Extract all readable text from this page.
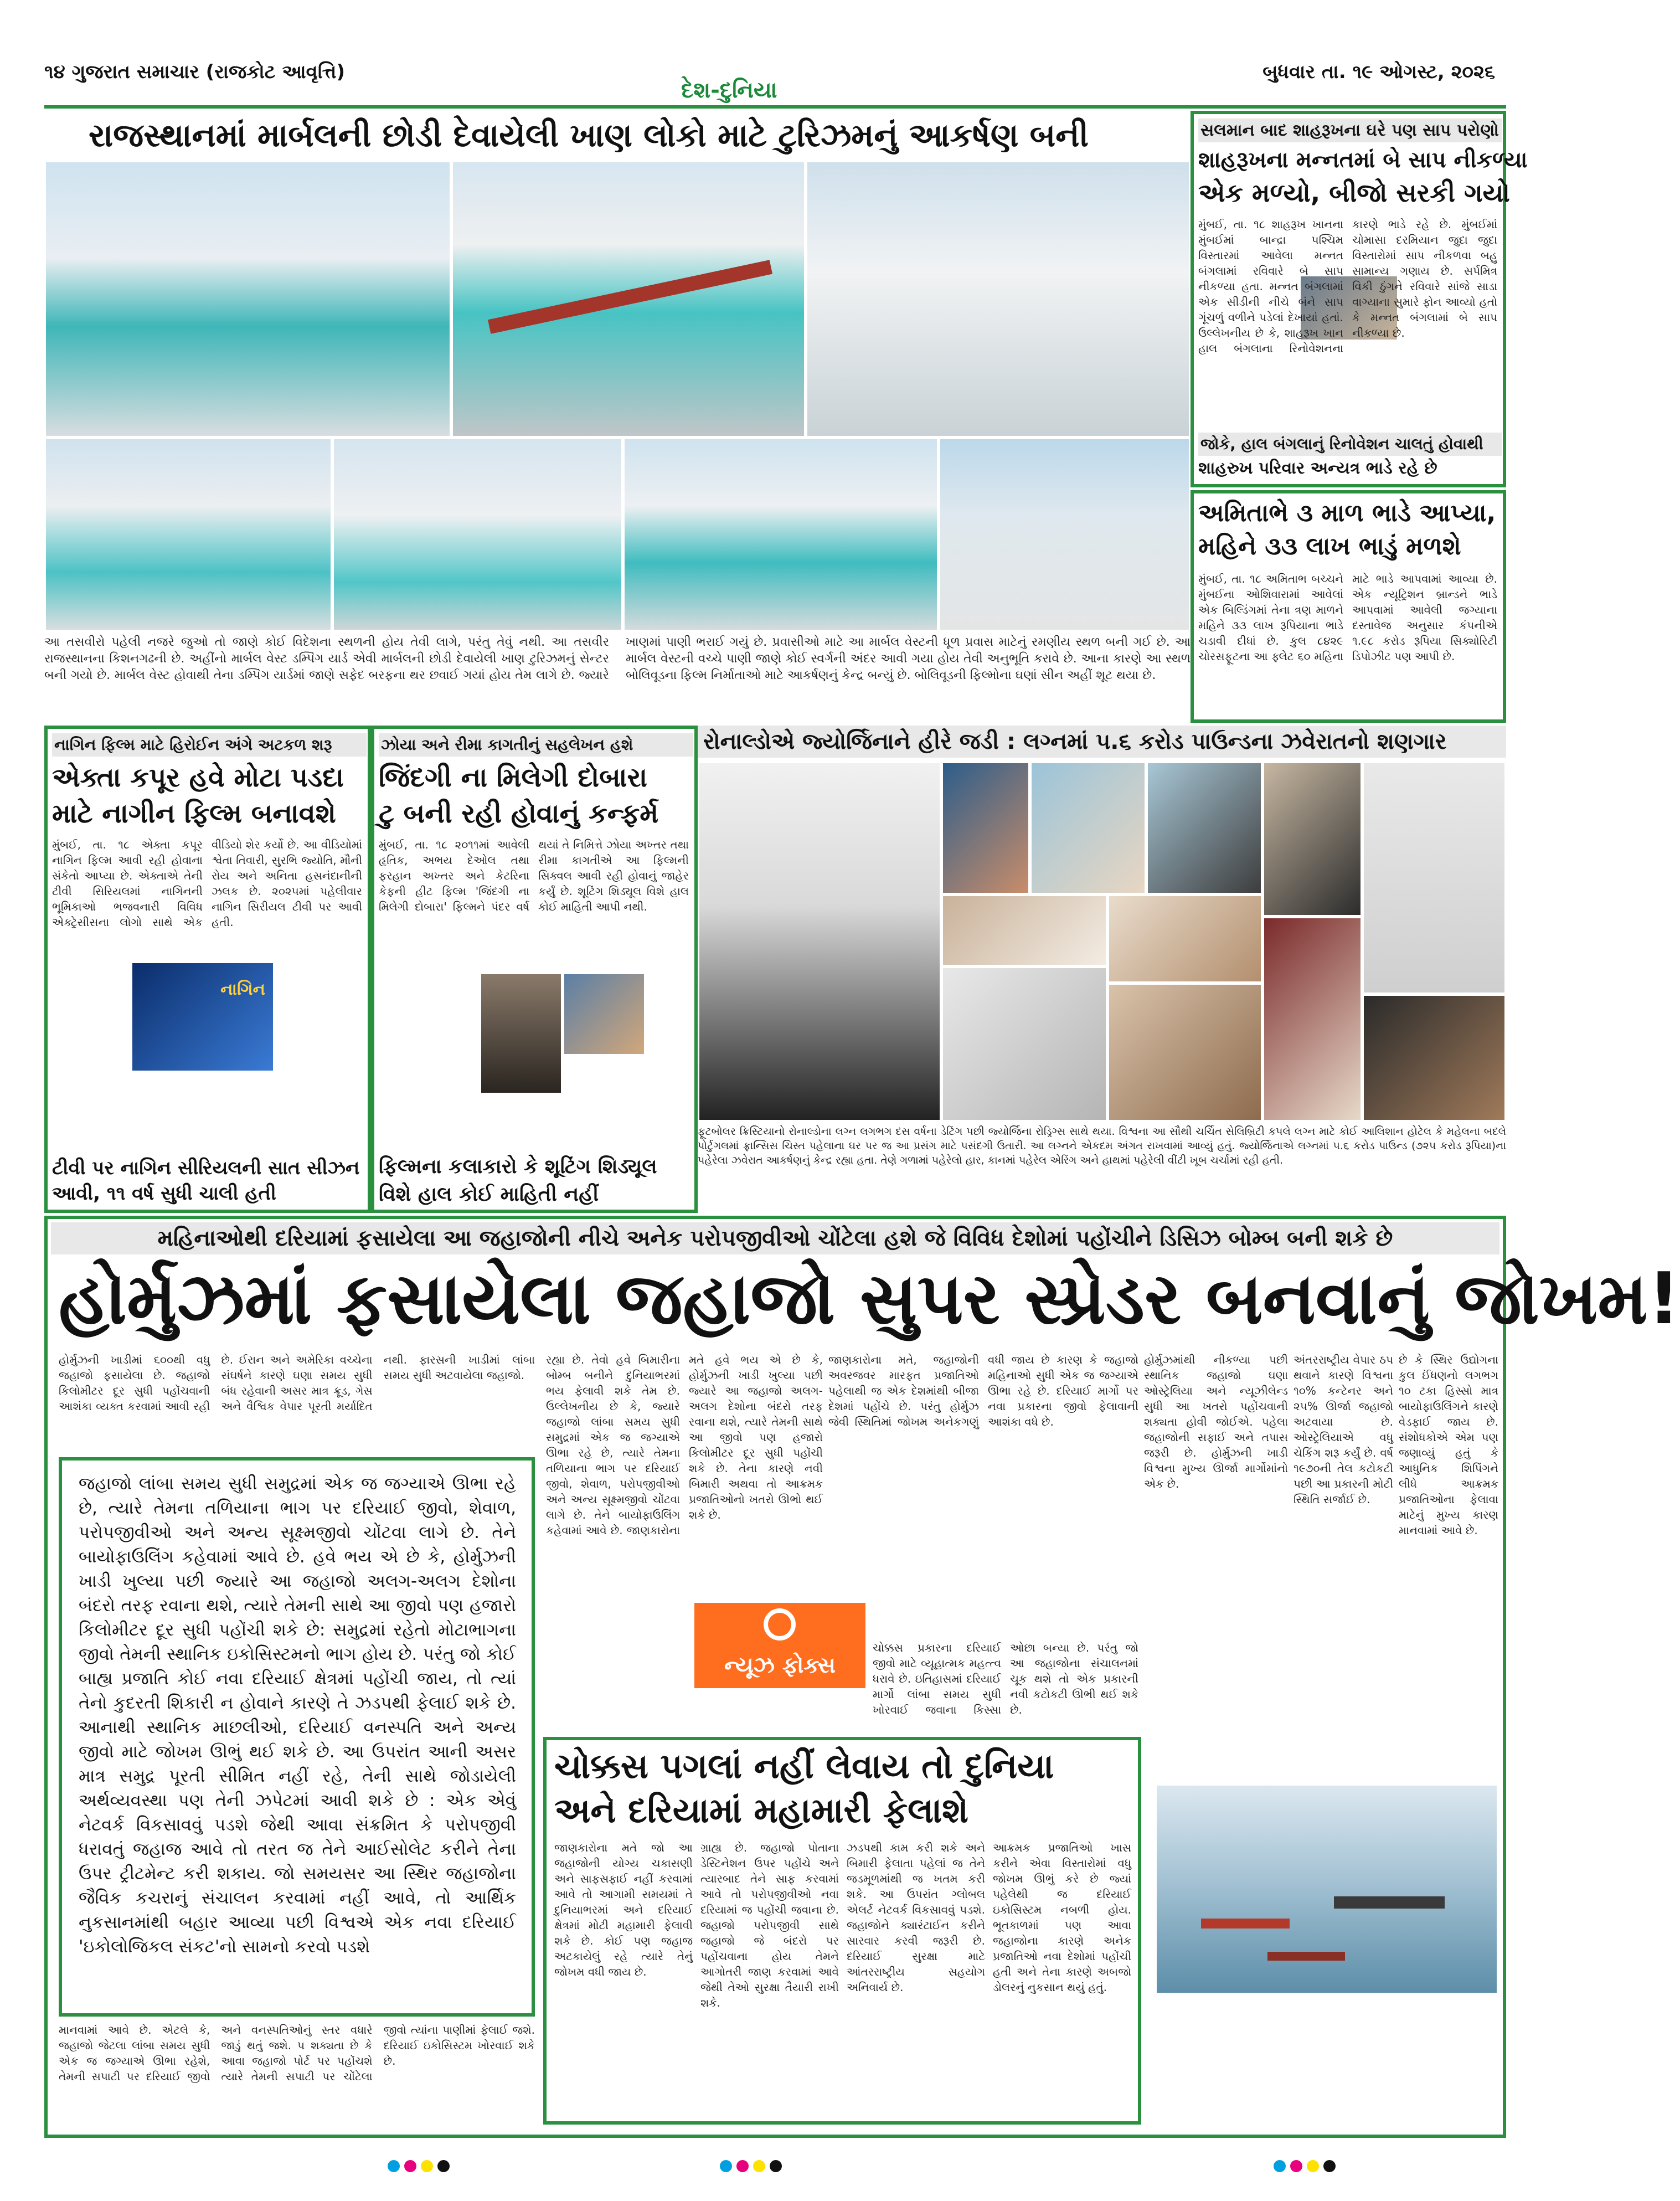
૧૪ ગુજરાત સમાચાર (રાજકોટ આવૃત્તિ)
દેશ-દુનિયા
બુધવાર તા. ૧૯ ઓગસ્ટ, ૨૦૨૬
રાજસ્થાનમાં માર્બલની છોડી દેવાયેલી ખાણ લોકો માટે ટુરિઝમનું આકર્ષણ બની
આ તસવીરો પહેલી નજરે જુઓ તો જાણે કોઈ વિદેશના સ્થળની હોય તેવી લાગે, પરંતુ તેવું નથી. આ તસવીર રાજસ્થાનના કિશનગઢની છે. અહીંનો માર્બલ વેસ્ટ ડમ્પિંગ યાર્ડ એવી માર્બલની છોડી દેવાયેલી ખાણ ટુરિઝમનું સેન્ટર બની ગયો છે. માર્બલ વેસ્ટ હોવાથી તેના ડમ્પિંગ યાર્ડમાં જાણે સફેદ બરફના થર છવાઈ ગયાં હોય તેમ લાગે છે. જ્યારે ખાણમાં પાણી ભરાઈ ગયું છે. પ્રવાસીઓ માટે આ માર્બલ વેસ્ટની ધૂળ પ્રવાસ માટેનું રમણીય સ્થળ બની ગઈ છે. આ માર્બલ વેસ્ટની વચ્ચે પાણી જાણે કોઈ સ્વર્ગની અંદર આવી ગયા હોય તેવી અનુભૂતિ કરાવે છે. આના કારણે આ સ્થળ બોલિવૂડના ફિલ્મ નિર્માતાઓ માટે આકર્ષણનું કેન્દ્ર બન્યું છે. બોલિવૂડની ફિલ્મોના ઘણાં સીન અહીં શૂટ થયા છે.
સલમાન બાદ શાહરૂખના ઘરે પણ સાપ પરોણો
શાહરૂખના મન્નતમાં બે સાપ નીકળ્યા
એક મળ્યો, બીજો સરકી ગયો
મુંબઈ, તા. ૧૮ શાહરૂખ ખાનના મુંબઈમાં બાન્દ્રા પશ્ચિમ વિસ્તારમાં આવેલા મન્નત બંગલામાં રવિવારે બે સાપ નીકળ્યા હતા. મન્નત બંગલામાં એક સીડીની નીચે બંને સાપ ગૂંચળું વળીને પડેલાં દેખાયાં હતાં. ઉલ્લેખનીય છે કે, શાહરૂખ ખાન હાલ બંગલાના રિનોવેશનના કારણે ભાડે રહે છે. મુંબઈમાં ચોમાસા દરમિયાન જુદા જુદા વિસ્તારોમાં સાપ નીકળવા બહુ સામાન્ય ગણાય છે. સર્પમિત્ર વિકી ઠુંગને રવિવારે સાંજે સાડા વાગ્યાના સુમારે ફોન આવ્યો હતો કે મન્નત બંગલામાં બે સાપ નીકળ્યા છે.
જોકે, હાલ બંગલાનું રિનોવેશન ચાલતું હોવાથી
શાહરુખ પરિવાર અન્યત્ર ભાડે રહે છે
અમિતાભે ૩ માળ ભાડે આપ્યા,
મહિને ૩૩ લાખ ભાડું મળશે
મુંબઈ, તા. ૧૮ અમિતાભ બચ્ચને મુંબઈના ઓશિવારામાં આવેલાં એક બિલ્ડિંગમાં તેના ત્રણ માળને મહિને ૩૩ લાખ રૂપિયાના ભાડે ચડાવી દીધાં છે. કુલ ૮૪૨૯ ચોરસફૂટના આ ફ્લેટ ૬૦ મહિના માટે ભાડે આપવામાં આવ્યા છે. એક ન્યૂટ્રિશન બ્રાન્ડને ભાડે આપવામાં આવેલી જગ્યાના દસ્તાવેજ અનુસાર કંપનીએ ૧.૯૮ કરોડ રૂપિયા સિક્યોરિટી ડિપોઝીટ પણ આપી છે.
નાગિન ફિલ્મ માટે હિરોઈન અંગે અટકળ શરૂ
એક્તા કપૂર હવે મોટા પડદા
માટે નાગીન ફિલ્મ બનાવશે
નાગિન
મુંબઈ, તા. ૧૮ એક્તા કપૂર નાગિન ફિલ્મ આવી રહી હોવાના સંકેતો આપ્યા છે. એક્તાએ તેની ટીવી સિરિયલમાં નાગિનની ભૂમિકાઓ ભજવનારી વિવિધ એક્ટ્રેસીસના લોગો સાથે એક વીડિયો શેર કર્યો છે. આ વીડિયોમાં શ્વેતા તિવારી, સુરભિ જ્યોતિ, મૌની રોય અને અનિતા હસનંદાનીની ઝલક છે. ૨૦૨૫માં પહેલીવાર નાગિન સિરીયલ ટીવી પર આવી હતી.
ટીવી પર નાગિન સીરિયલની સાત સીઝન આવી, ૧૧ વર્ષ સુધી ચાલી હતી
ઝોયા અને રીમા કાગતીનું સહલેખન હશે
જિંદગી ના મિલેગી દોબારા
ટુ બની રહી હોવાનું કન્ફર્મ
મુંબઈ, તા. ૧૮ ૨૦૧૧માં આવેલી હૃતિક, અભય દેઓલ તથા ફરહાન અખ્તર અને કેટરિના કેફની હીટ ફિલ્મ 'જિંદગી ના મિલેગી દોબારા' ફિલ્મને પંદર વર્ષ થયાં તે નિમિત્તે ઝોયા અખ્તર તથા રીમા કાગતીએ આ ફિલ્મની સિક્વલ આવી રહી હોવાનું જાહેર કર્યું છે. શૂટિંગ શિડ્યૂલ વિશે હાલ કોઈ માહિતી આપી નથી.
ફિલ્મના કલાકારો કે શૂટિંગ શિડ્યૂલ
વિશે હાલ કોઈ માહિતી નહીં
રોનાલ્ડોએ જ્યોર્જિનાને હીરે જડી : લગ્નમાં ૫.૬ કરોડ પાઉન્ડના ઝવેરાતનો શણગાર
ફૂટબોલર ક્રિસ્ટિયાનો રોનાલ્ડોના લગ્ન લગભગ દસ વર્ષના ડેટિંગ પછી જ્યોર્જિના રોડ્રિગ્સ સાથે થયા. વિશ્વના આ સૌથી ચર્ચિત સેલિબ્રિટી કપલે લગ્ન માટે કોઈ આલિશાન હોટેલ કે મહેલના બદલે પોર્ટુગલમાં ફ્રાન્સિસ ચિસ્ત પહેલાના ઘર પર જ આ પ્રસંગ માટે પસંદગી ઉતારી. આ લગ્નને એકદમ અંગત રાખવામાં આવ્યું હતું. જ્યોર્જિનાએ લગ્નમાં ૫.૬ કરોડ પાઉન્ડ (૭૨૫ કરોડ રૂપિયા)ના પહેરેલા ઝવેરાત આકર્ષણનું કેન્દ્ર રહ્યા હતા. તેણે ગળામાં પહેરેલો હાર, કાનમાં પહેરેલ એરિંગ અને હાથમાં પહેરેલી વીંટી ખૂબ ચર્ચામાં રહી હતી.
મહિનાઓથી દરિયામાં ફસાયેલા આ જહાજોની નીચે અનેક પરોપજીવીઓ ચોંટેલા હશે જે વિવિધ દેશોમાં પહોંચીને ડિસિઝ બોમ્બ બની શકે છે
હોર્મુઝમાં ફસાયેલા જહાજો સુપર સ્પ્રેડર બનવાનું જોખમ!
હોર્મુઝની ખાડીમાં ૬૦૦થી વધુ જહાજો ફસાયેલા છે. જહાજો કિલોમીટર દૂર સુધી પહોંચવાની આશંકા વ્યક્ત કરવામાં આવી રહી છે. ઈરાન અને અમેરિકા વચ્ચેના સંઘર્ષને કારણે ઘણા સમય સુધી બંધ રહેવાની અસર માત્ર ક્રૂડ, ગેસ અને વૈશ્વિક વેપાર પૂરતી મર્યાદિત નથી. ફારસની ખાડીમાં લાંબા સમય સુધી અટવાયેલા જહાજો.
જહાજો લાંબા સમય સુધી સમુદ્રમાં એક જ જગ્યાએ ઊભા રહે છે, ત્યારે તેમના તળિયાના ભાગ પર દરિયાઈ જીવો, શેવાળ, પરોપજીવીઓ અને અન્ય સૂક્ષ્મજીવો ચોંટવા લાગે છે. તેને બાયોફાઉલિંગ કહેવામાં આવે છે. હવે ભય એ છે કે, હોર્મુઝની ખાડી ખુલ્યા પછી જ્યારે આ જહાજો અલગ-અલગ દેશોના બંદરો તરફ રવાના થશે, ત્યારે તેમની સાથે આ જીવો પણ હજારો કિલોમીટર દૂર સુધી પહોંચી શકે છે: સમુદ્રમાં રહેતો મોટાભાગના જીવો તેમની સ્થાનિક ઇકોસિસ્ટમનો ભાગ હોય છે. પરંતુ જો કોઈ બાહ્ય પ્રજાતિ કોઈ નવા દરિયાઈ ક્ષેત્રમાં પહોંચી જાય, તો ત્યાં તેનો કુદરતી શિકારી ન હોવાને કારણે તે ઝડપથી ફેલાઈ શકે છે. આનાથી સ્થાનિક માછલીઓ, દરિયાઈ વનસ્પતિ અને અન્ય જીવો માટે જોખમ ઊભું થઈ શકે છે. આ ઉપરાંત આની અસર માત્ર સમુદ્ર પૂરતી સીમિત નહીં રહે, તેની સાથે જોડાયેલી અર્થવ્યવસ્થા પણ તેની ઝપેટમાં આવી શકે છે : એક એવું નેટવર્ક વિકસાવવું પડશે જેથી આવા સંક્રમિત કે પરોપજીવી ધરાવતું જહાજ આવે તો તરત જ તેને આઈસોલેટ કરીને તેના ઉપર ટ્રીટમેન્ટ કરી શકાય. જો સમયસર આ સ્થિર જહાજોના જૈવિક કચરાનું સંચાલન કરવામાં નહીં આવે, તો આર્થિક નુકસાનમાંથી બહાર આવ્યા પછી વિશ્વએ એક નવા દરિયાઈ 'ઇકોલોજિકલ સંકટ'નો સામનો કરવો પડશે
માનવામાં આવે છે. એટલે કે, જહાજો જેટલા લાંબા સમય સુધી એક જ જગ્યાએ ઊભા રહેશે, તેમની સપાટી પર દરિયાઈ જીવો અને વનસ્પતિઓનું સ્તર વધારે જાડું થતું જશે. ૫ શક્યતા છે કે આવા જહાજો પોર્ટ પર પહોંચશે ત્યારે તેમની સપાટી પર ચોંટેલા જીવો ત્યાંના પાણીમાં ફેલાઈ જશે. દરિયાઈ ઇકોસિસ્ટમ ખોરવાઈ શકે છે.
રહ્યા છે. તેવો હવે બિમારીના બોમ્બ બનીને દુનિયાભરમાં ભય ફેલાવી શકે તેમ છે. ઉલ્લેખનીય છે કે, જ્યારે જહાજો લાંબા સમય સુધી સમુદ્રમાં એક જ જગ્યાએ ઊભા રહે છે, ત્યારે તેમના તળિયાના ભાગ પર દરિયાઈ જીવો, શેવાળ, પરોપજીવીઓ અને અન્ય સૂક્ષ્મજીવો ચોંટવા લાગે છે. તેને બાયોફાઉલિંગ કહેવામાં આવે છે. જાણકારોના મતે હવે ભય એ છે કે, હોર્મુઝની ખાડી ખુલ્યા પછી જ્યારે આ જહાજો અલગ-અલગ દેશોના બંદરો તરફ રવાના થશે, ત્યારે તેમની સાથે આ જીવો પણ હજારો કિલોમીટર દૂર સુધી પહોંચી શકે છે. તેના કારણે નવી બિમારી અથવા તો આક્રમક પ્રજાતિઓનો ખતરો ઊભો થઈ શકે છે.
જાણકારોના મતે, જહાજોની અવરજવર મારફત પ્રજાતિઓ પહેલાથી જ એક દેશમાંથી બીજા દેશમાં પહોંચે છે. પરંતુ હોર્મુઝ જેવી સ્થિતિમાં જોખમ અનેકગણું વધી જાય છે કારણ કે જહાજો મહિનાઓ સુધી એક જ જગ્યાએ ઊભા રહે છે. દરિયાઈ માર્ગો પર નવા પ્રકારના જીવો ફેલાવાની આશંકા વધે છે.
ન્યૂઝ ફોક્સ
ચોક્કસ પ્રકારના દરિયાઈ જીવો માટે વ્યૂહાત્મક મહત્ત્વ ધરાવે છે. ઇતિહાસમાં દરિયાઈ માર્ગો લાંબા સમય સુધી ખોરવાઈ જવાના કિસ્સા ઓછા બન્યા છે. પરંતુ જો આ જહાજોના સંચાલનમાં ચૂક થશે તો એક પ્રકારની નવી કટોકટી ઊભી થઈ શકે છે.
હોર્મુઝમાંથી નીકળ્યા પછી સ્થાનિક જહાજો ઘણા ઓસ્ટ્રેલિયા અને ન્યૂઝીલેન્ડ સુધી આ ખતરો પહોંચવાની શક્યતા હોવી જોઈએ. પહેલા જહાજોની સફાઈ અને તપાસ જરૂરી છે. હોર્મુઝની ખાડી વિશ્વના મુખ્ય ઊર્જા માર્ગોમાંનો એક છે.
અંતરરાષ્ટ્રીય વેપાર ઠપ થવાને કારણે વિશ્વના ૧૦% કન્ટેનર અને ૨૫% ઊર્જા જહાજો અટવાયા છે. ઓસ્ટ્રેલિયાએ વધુ ચેકિંગ શરૂ કર્યું છે. વર્ષ ૧૯૭૦ની તેલ કટોકટી પછી આ પ્રકારની મોટી સ્થિતિ સર્જાઈ છે.
છે કે સ્થિર ઉદ્યોગના કુલ ઈંધણનો લગભગ ૧૦ ટકા હિસ્સો માત્ર બાયોફાઉલિંગને કારણે વેડફાઈ જાય છે. સંશોધકોએ એમ પણ જણાવ્યું હતું કે આધુનિક શિપિંગને લીધે આક્રમક પ્રજાતિઓના ફેલાવા માટેનું મુખ્ય કારણ માનવામાં આવે છે.
ચોક્કસ પગલાં નહીં લેવાય તો દુનિયા
અને દરિયામાં મહામારી ફેલાશે
જાણકારોના મતે જો આ જહાજોની યોગ્ય ચકાસણી અને સાફસફાઈ નહીં કરવામાં આવે તો આગામી સમયમાં તે દુનિયાભરમાં અને દરિયાઈ ક્ષેત્રમાં મોટી મહામારી ફેલાવી શકે છે. કોઈ પણ જહાજ અટકાયેલું રહે ત્યારે તેનું જોખમ વધી જાય છે.
ગ્રાહ્ય છે. જહાજો પોતાના ડેસ્ટિનેશન ઉપર પહોંચે અને ત્યારબાદ તેને સાફ કરવામાં આવે તો પરોપજીવીઓ નવા દરિયામાં જ પહોંચી જવાના છે. જહાજો પરોપજીવી સાથે જહાજો જે બંદરો પર પહોંચવાના હોય તેમને આગોતરી જાણ કરવામાં આવે જેથી તેઓ સુરક્ષા તૈયારી રાખી શકે.
ઝડપથી કામ કરી શકે અને બિમારી ફેલાતા પહેલાં જ તેને જડમૂળમાંથી જ ખતમ કરી શકે. આ ઉપરાંત ગ્લોબલ એલર્ટ નેટવર્ક વિકસાવવું પડશે. જહાજોને ક્યારંટાઈન કરીને સારવાર કરવી જરૂરી છે. દરિયાઈ સુરક્ષા માટે આંતરરાષ્ટ્રીય સહયોગ અનિવાર્ય છે.
આક્રમક પ્રજાતિઓ ખાસ કરીને એવા વિસ્તારોમાં વધુ જોખમ ઊભું કરે છે જ્યાં પહેલેથી જ દરિયાઈ ઇકોસિસ્ટમ નબળી હોય. ભૂતકાળમાં પણ આવા જહાજોના કારણે અનેક પ્રજાતિઓ નવા દેશોમાં પહોંચી હતી અને તેના કારણે અબજો ડોલરનું નુકસાન થયું હતું.
